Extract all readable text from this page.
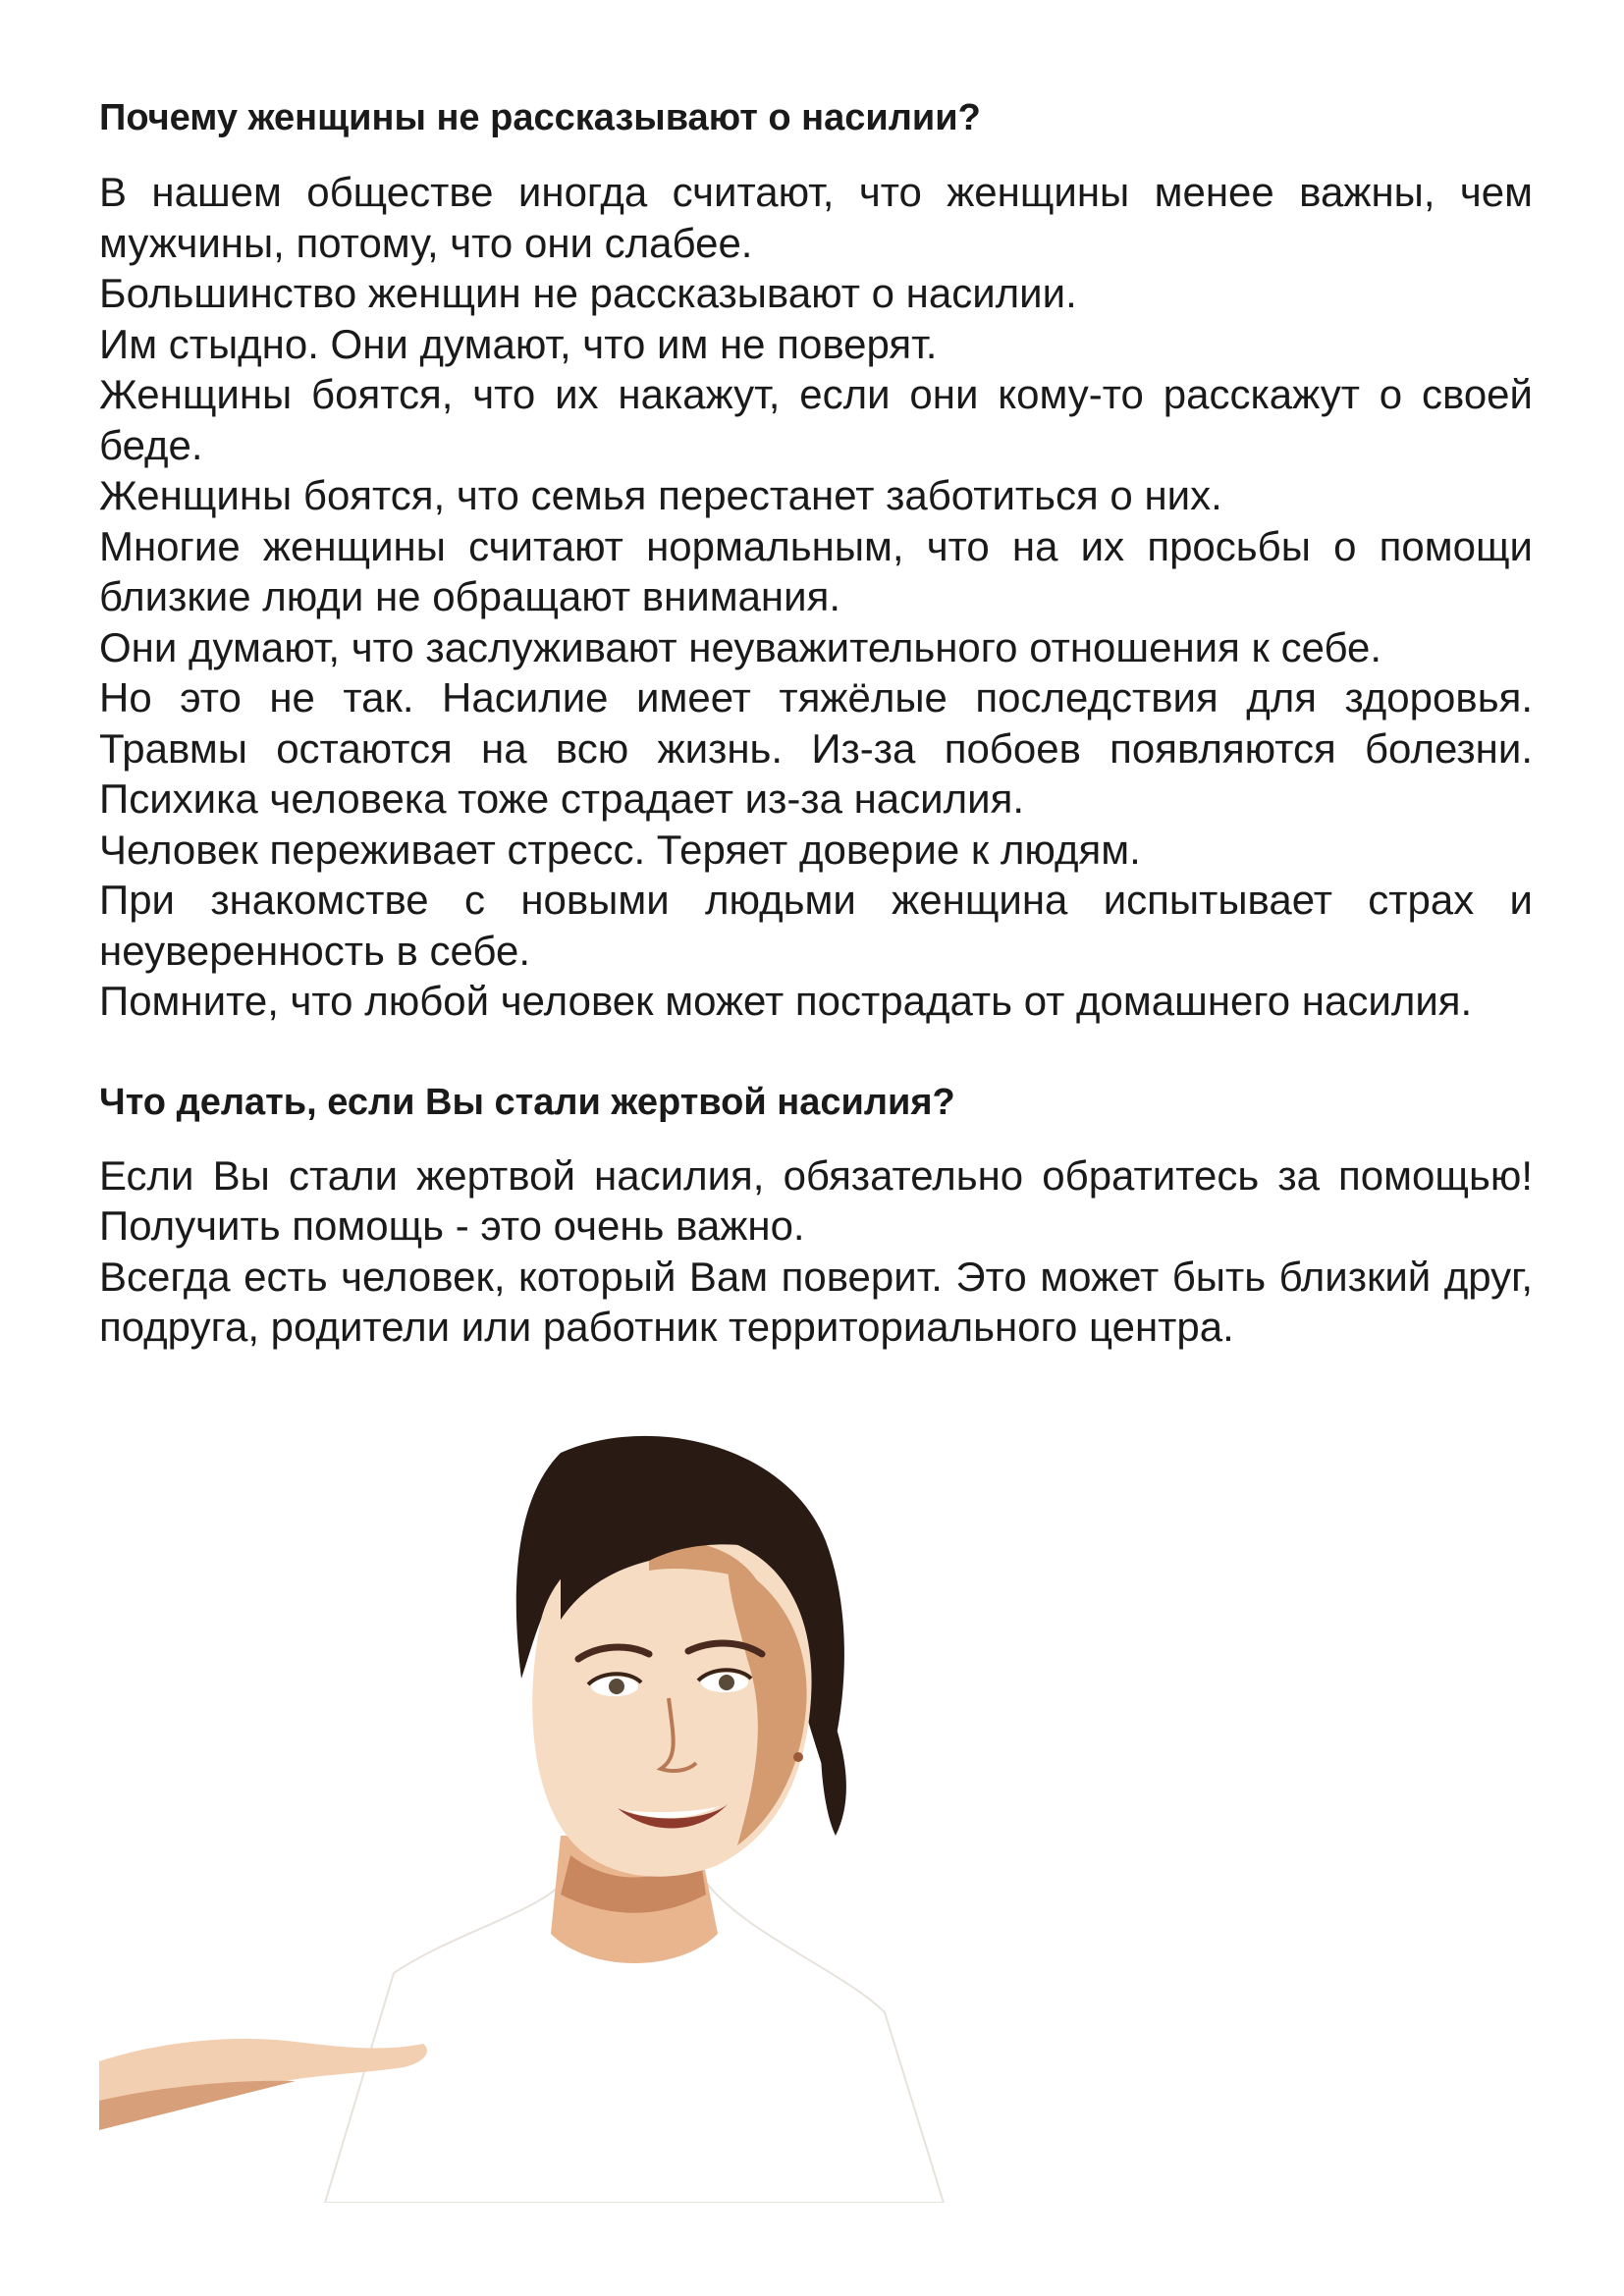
Почему женщины не рассказывают о насилии?

В нашем обществе иногда считают, что женщины менее важны, чем мужчины, потому, что они слабее.

Большинство женщин не рассказывают о насилии.

Им стыдно. Они думают, что им не поверят.

Женщины боятся, что их накажут, если они кому-то расскажут о своей беде.

Женщины боятся, что семья перестанет заботиться о них.

Многие женщины считают нормальным, что на их просьбы о помощи близкие люди не обращают внимания.

Они думают, что заслуживают неуважительного отношения к себе.

Но это не так. Насилие имеет тяжёлые последствия для здоровья. Травмы остаются на всю жизнь. Из-за побоев появляются болезни. Психика человека тоже страдает из-за насилия.

Человек переживает стресс. Теряет доверие к людям.

При знакомстве с новыми людьми женщина испытывает страх и неуверенность в себе.

Помните, что любой человек может пострадать от домашнего насилия.

Что делать, если Вы стали жертвой насилия?

Если Вы стали жертвой насилия, обязательно обратитесь за помощью! Получить помощь - это очень важно.

Всегда есть человек, который Вам поверит. Это может быть близкий друг, подруга, родители или работник территориального центра.
